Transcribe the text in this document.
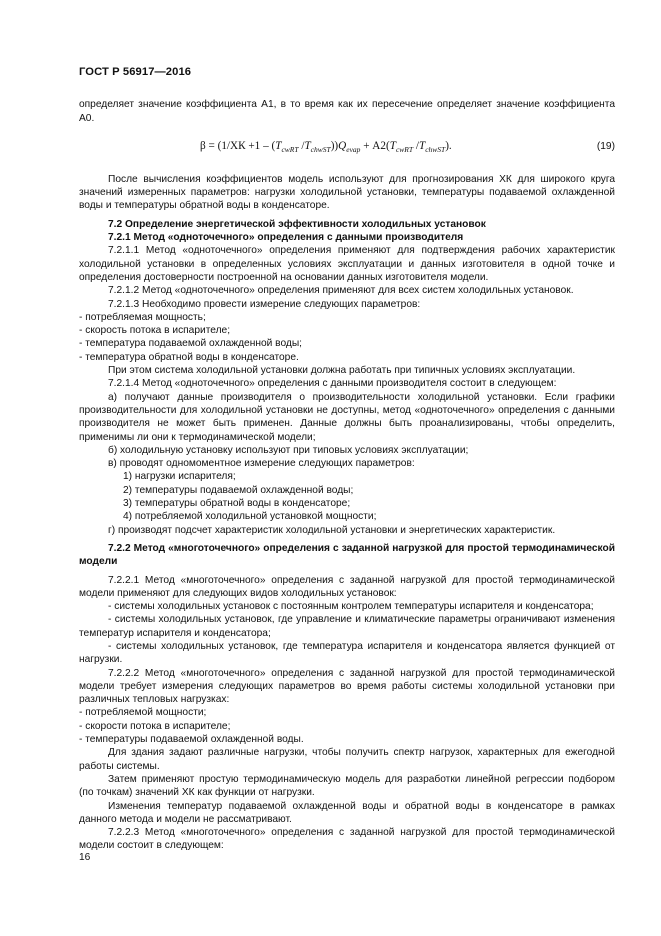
ГОСТ Р 56917—2016

определяет значение коэффициента А1, в то время как их пересечение определяет значение коэффициента А0.

$\beta = (1/ХК +1 - (T_{cwRT}$ $/T_{chwST}))Q_{evap} + А2(T_{cwRT}$ $/T_{chwST}$).	(19)

После вычисления коэффициентов модель используют для прогнозирования ХК для широкого круга значений измеренных параметров: нагрузки холодильной установки, температуры подаваемой охлажденной воды и температуры обратной воды в конденсаторе.

7.2 Определение энергетической эффективности холодильных установок

7.2.1 Метод «одноточечного» определения с данными производителя

7.2.1.1 Метод «одноточечного» определения применяют для подтверждения рабочих характеристик холодильной установки в определенных условиях эксплуатации и данных изготовителя в одной точке и определения достоверности построенной на основании данных изготовителя модели.

7.2.1.2 Метод «одноточечного» определения применяют для всех систем холодильных установок.

7.2.1.3 Необходимо провести измерение следующих параметров:

- потребляемая мощность;

- скорость потока в испарителе;

- температура подаваемой охлажденной воды;

- температура обратной воды в конденсаторе.

При этом система холодильной установки должна работать при типичных условиях эксплуатации.

7.2.1.4 Метод «одноточечного» определения с данными производителя состоит в следующем:

а) получают данные производителя о производительности холодильной установки. Если графики производительности для холодильной установки не доступны, метод «одноточечного» определения с данными производителя не может быть применен. Данные должны быть проанализированы, чтобы определить, применимы ли они к термодинамической модели;

б) холодильную установку используют при типовых условиях эксплуатации;

в) проводят одномоментное измерение следующих параметров:

1) нагрузки испарителя;

2) температуры подаваемой охлажденной воды;

3) температуры обратной воды в конденсаторе;

4) потребляемой холодильной установкой мощности;

г) производят подсчет характеристик холодильной установки и энергетических характеристик.

7.2.2 Метод «многоточечного» определения с заданной нагрузкой для простой термодинамической модели

7.2.2.1 Метод «многоточечного» определения с заданной нагрузкой для простой термодинамической модели применяют для следующих видов холодильных установок:

- системы холодильных установок с постоянным контролем температуры испарителя и конденсатора;

- системы холодильных установок, где управление и климатические параметры ограничивают изменения температур испарителя и конденсатора;

- системы холодильных установок, где температура испарителя и конденсатора является функцией от нагрузки.

7.2.2.2 Метод «многоточечного» определения с заданной нагрузкой для простой термодинамической модели требует измерения следующих параметров во время работы системы холодильной установки при различных тепловых нагрузках:

- потребляемой мощности;

- скорости потока в испарителе;

- температуры подаваемой охлажденной воды.

Для здания задают различные нагрузки, чтобы получить спектр нагрузок, характерных для ежегодной работы системы.

Затем применяют простую термодинамическую модель для разработки линейной регрессии подбором (по точкам) значений ХК как функции от нагрузки.

Изменения температур подаваемой охлажденной воды и обратной воды в конденсаторе в рамках данного метода и модели не рассматривают.

7.2.2.3 Метод «многоточечного» определения с заданной нагрузкой для простой термодинамической модели состоит в следующем:

16
